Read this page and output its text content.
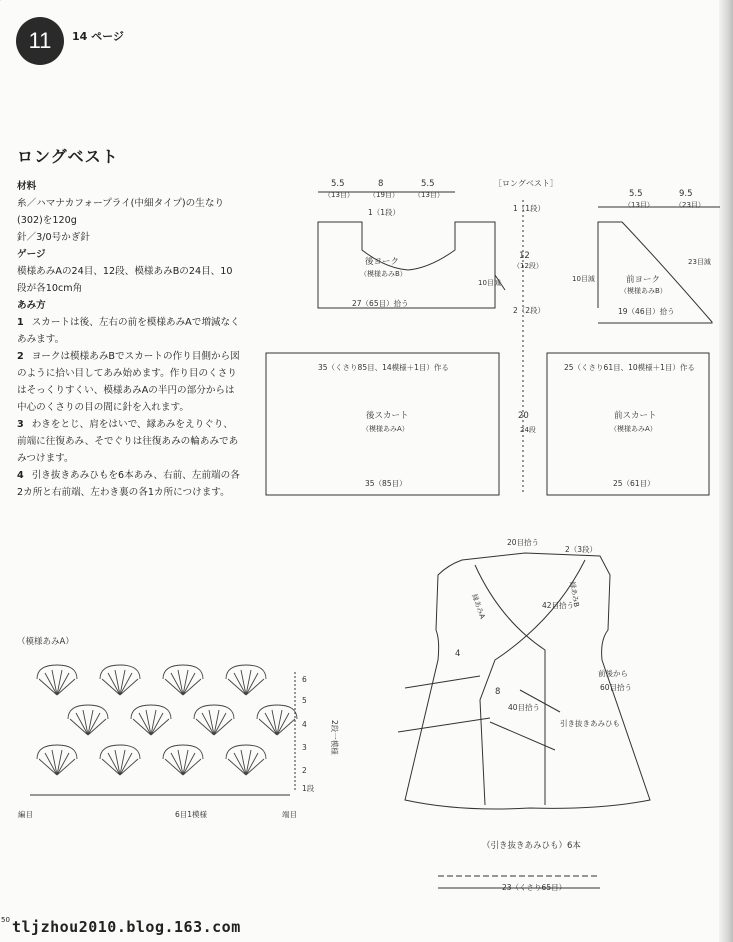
11 14 ページ
ロングベスト
材料
糸／ハマナカフォープライ(中細タイプ)の生なり(302)を120g
針／3/0号かぎ針
ゲージ
模様あみAの24目、12段、模様あみBの24目、10段が各10cm角
あみ方
1 スカートは後、左右の前を模様あみAで増減なくあみます。
2 ヨークは模様あみBでスカートの作り目側から図のように拾い目してあみ始めます。作り目のくさりはそっくりすくい、模様あみAの半円の部分からは中心のくさりの目の間に針を入れます。
3 わきをとじ、肩をはいで、縁あみをえりぐり、前端に往復あみ、そでぐりは往復あみの輪あみであみつけます。
4 引き抜きあみひもを6本あみ、右前、左前端の各2カ所と右前端、左わき裏の各1カ所につけます。
5.5	8	5.5
（13目） （19目） （13目）
1（1段）
後ヨーク
（模様あみB）
10目減
27（65目）拾う
35（くさり85目、14模様＋1目）作る
後スカート
（模様あみA）
35（85目）
［ロングベスト］
1（1段）
12
（12段）
2（2段）
20
24段
5.5	9.5
（13目）	（23目）
23目減
10目減	前ヨーク
（模様あみB）
19（46目）拾う
25（くさり61目、10模様＋1目）作る
前スカート
（模様あみA）
25（61目）
20目拾う
2（3段）
縁あみA	縁あみB
42目拾う
前後から
60目拾う
4
8
40目拾う
引き抜きあみひも
（模様あみA）
6
5
4
3
2
1段
2段一模様
編目	6目1模様	端目
（引き抜きあみひも）6本
23（くさり65目）
50 tljzhou2010.blog.163.com
